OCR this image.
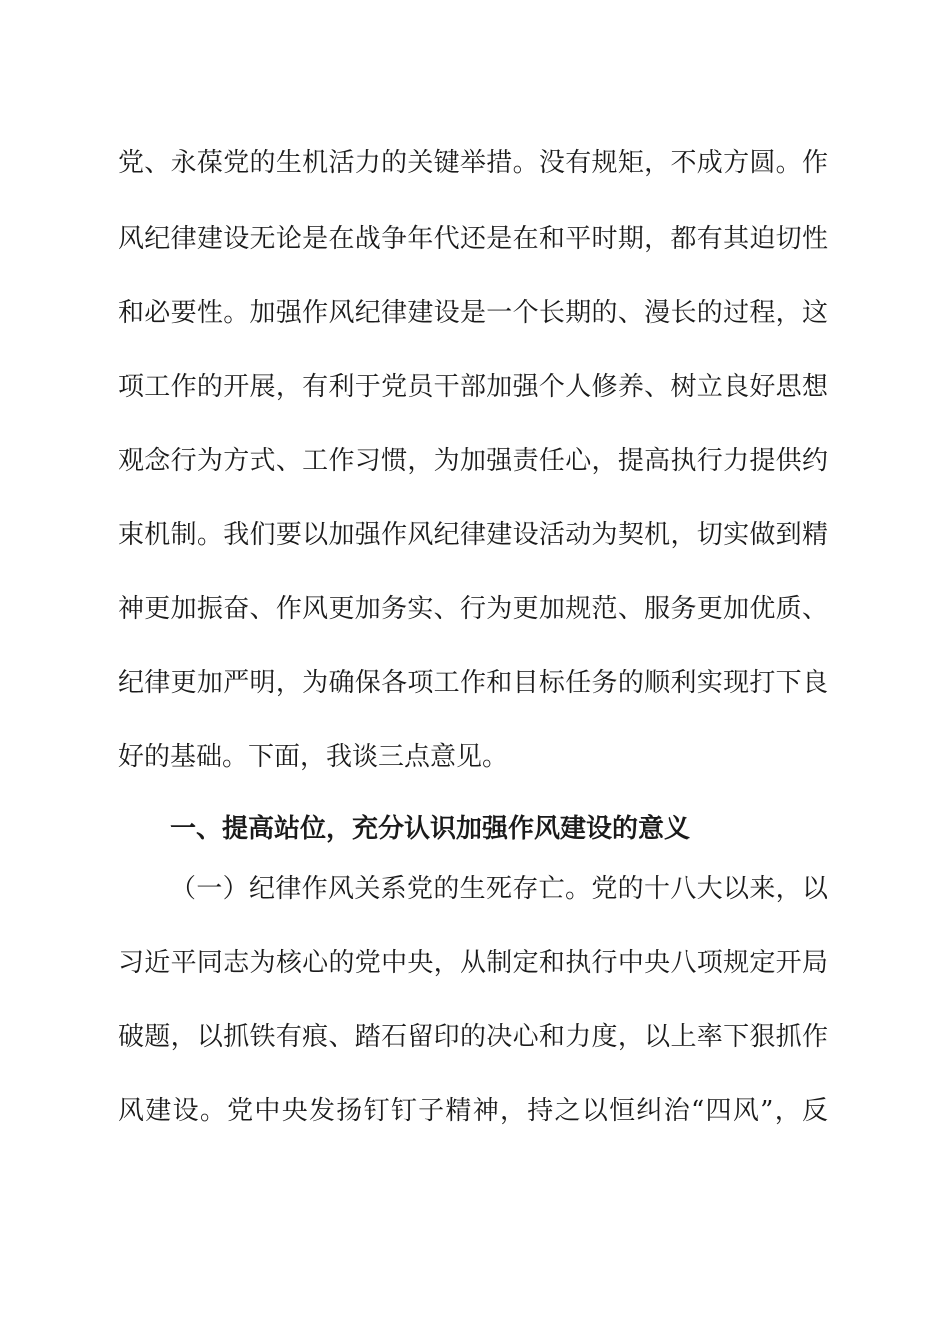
党、永葆党的生机活力的关键举措。没有规矩，不成方圆。作
风纪律建设无论是在战争年代还是在和平时期，都有其迫切性
和必要性。加强作风纪律建设是一个长期的、漫长的过程，这
项工作的开展，有利于党员干部加强个人修养、树立良好思想
观念行为方式、工作习惯，为加强责任心，提高执行力提供约
束机制。我们要以加强作风纪律建设活动为契机，切实做到精
神更加振奋、作风更加务实、行为更加规范、服务更加优质、
纪律更加严明，为确保各项工作和目标任务的顺利实现打下良
好的基础。下面，我谈三点意见。
一、提高站位，充分认识加强作风建设的意义
（一）纪律作风关系党的生死存亡。党的十八大以来，以
习近平同志为核心的党中央，从制定和执行中央八项规定开局
破题，以抓铁有痕、踏石留印的决心和力度，以上率下狠抓作
风建设。党中央发扬钉钉子精神，持之以恒纠治“四风”，反
